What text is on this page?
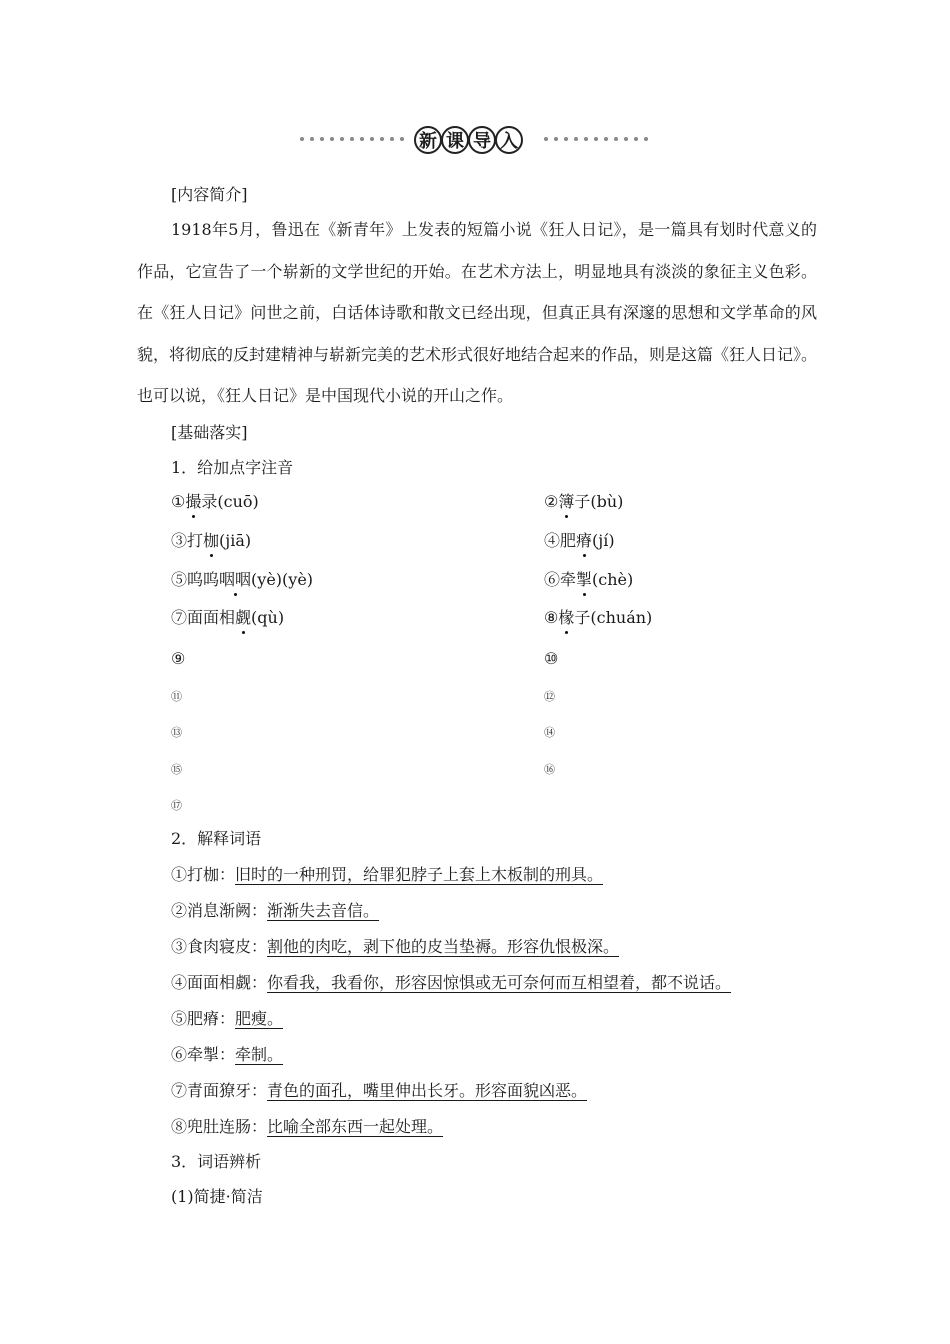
新 课 导 入
[内容简介]

1918年5月，鲁迅在《新青年》上发表的短篇小说《狂人日记》，是一篇具有划时代意义的作品，它宣告了一个崭新的文学世纪的开始。在艺术方法上，明显地具有淡淡的象征主义色彩。在《狂人日记》问世之前，白话体诗歌和散文已经出现，但真正具有深邃的思想和文学革命的风貌，将彻底的反封建精神与崭新完美的艺术形式很好地结合起来的作品，则是这篇《狂人日记》。也可以说，《狂人日记》是中国现代小说的开山之作。

[基础落实]
1．给加点字注音
①撮录(cuō)	②簿子(bù)
③打枷(jiā)	④肥瘠(jí)
⑤呜呜咽咽(yè)(yè)	⑥牵掣(chè)
⑦面面相觑(qù)	⑧椽子(chuán)
⑨	⑩
⑪	⑫
⑬	⑭
⑮	⑯
⑰
2．解释词语
①打枷：旧时的一种刑罚，给罪犯脖子上套上木板制的刑具。
②消息渐阙：渐渐失去音信。
③食肉寝皮：割他的肉吃，剥下他的皮当垫褥。形容仇恨极深。
④面面相觑：你看我，我看你，形容因惊惧或无可奈何而互相望着，都不说话。
⑤肥瘠：肥瘦。
⑥牵掣：牵制。
⑦青面獠牙：青色的面孔，嘴里伸出长牙。形容面貌凶恶。
⑧兜肚连肠：比喻全部东西一起处理。
3．词语辨析
(1)简捷·简洁
